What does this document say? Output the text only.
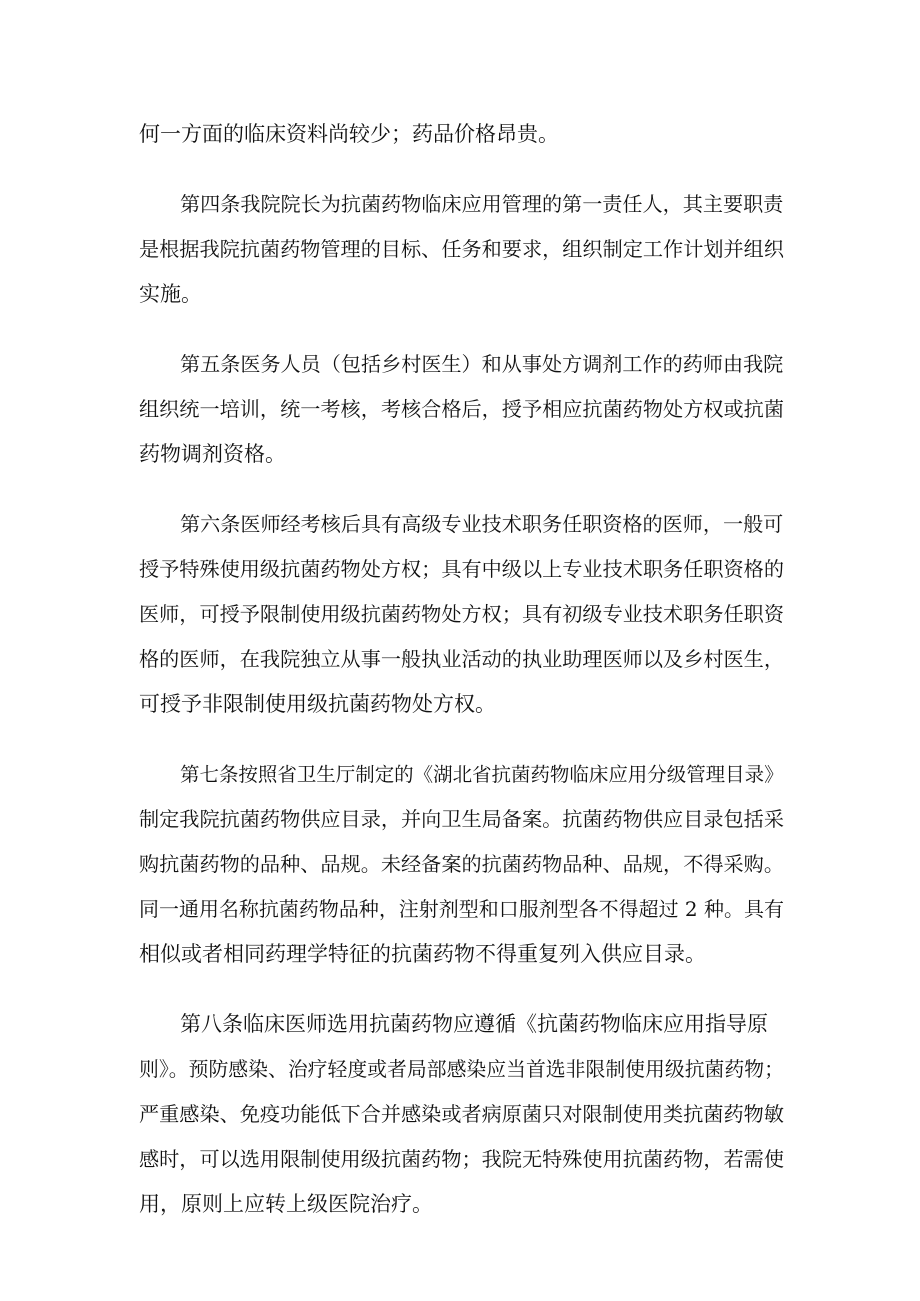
何一方面的临床资料尚较少；药品价格昂贵。
第四条我院院长为抗菌药物临床应用管理的第一责任人，其主要职责
是根据我院抗菌药物管理的目标、任务和要求，组织制定工作计划并组织
实施。
第五条医务人员（包括乡村医生）和从事处方调剂工作的药师由我院
组织统一培训，统一考核，考核合格后，授予相应抗菌药物处方权或抗菌
药物调剂资格。
第六条医师经考核后具有高级专业技术职务任职资格的医师，一般可
授予特殊使用级抗菌药物处方权；具有中级以上专业技术职务任职资格的
医师，可授予限制使用级抗菌药物处方权；具有初级专业技术职务任职资
格的医师，在我院独立从事一般执业活动的执业助理医师以及乡村医生，
可授予非限制使用级抗菌药物处方权。
第七条按照省卫生厅制定的《湖北省抗菌药物临床应用分级管理目录》
制定我院抗菌药物供应目录，并向卫生局备案。抗菌药物供应目录包括采
购抗菌药物的品种、品规。未经备案的抗菌药物品种、品规，不得采购。
同一通用名称抗菌药物品种，注射剂型和口服剂型各不得超过 2 种。具有
相似或者相同药理学特征的抗菌药物不得重复列入供应目录。
第八条临床医师选用抗菌药物应遵循《抗菌药物临床应用指导原
则》。预防感染、治疗轻度或者局部感染应当首选非限制使用级抗菌药物；
严重感染、免疫功能低下合并感染或者病原菌只对限制使用类抗菌药物敏
感时，可以选用限制使用级抗菌药物；我院无特殊使用抗菌药物，若需使
用，原则上应转上级医院治疗。
